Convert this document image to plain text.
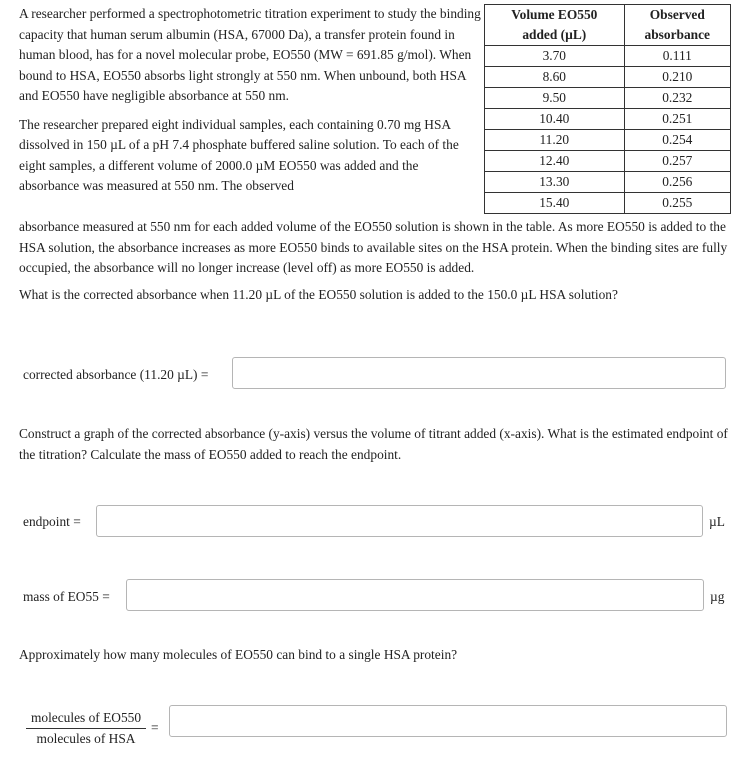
A researcher performed a spectrophotometric titration experiment to study the binding capacity that human serum albumin (HSA, 67000 Da), a transfer protein found in human blood, has for a novel molecular probe, EO550 (MW = 691.85 g/mol). When bound to HSA, EO550 absorbs light strongly at 550 nm. When unbound, both HSA and EO550 have negligible absorbance at 550 nm.

The researcher prepared eight individual samples, each containing 0.70 mg HSA dissolved in 150 µL of a pH 7.4 phosphate buffered saline solution. To each of the eight samples, a different volume of 2000.0 µM EO550 was added and the absorbance was measured at 550 nm. The observed

Volume EO550
added (µL)	Observed
absorbance
3.70	0.111
8.60	0.210
9.50	0.232
10.40	0.251
11.20	0.254
12.40	0.257
13.30	0.256
15.40	0.255
absorbance measured at 550 nm for each added volume of the EO550 solution is shown in the table. As more EO550 is added to the HSA solution, the absorbance increases as more EO550 binds to available sites on the HSA protein. When the binding sites are fully occupied, the absorbance will no longer increase (level off) as more EO550 is added.
What is the corrected absorbance when 11.20 µL of the EO550 solution is added to the 150.0 µL HSA solution?
corrected absorbance (11.20 µL) =
Construct a graph of the corrected absorbance (y-axis) versus the volume of titrant added (x-axis). What is the estimated endpoint of the titration? Calculate the mass of EO550 added to reach the endpoint.
endpoint =	µL
mass of EO55 =	µg
Approximately how many molecules of EO550 can bind to a single HSA protein?
molecules of EO550
molecules of HSA
=
